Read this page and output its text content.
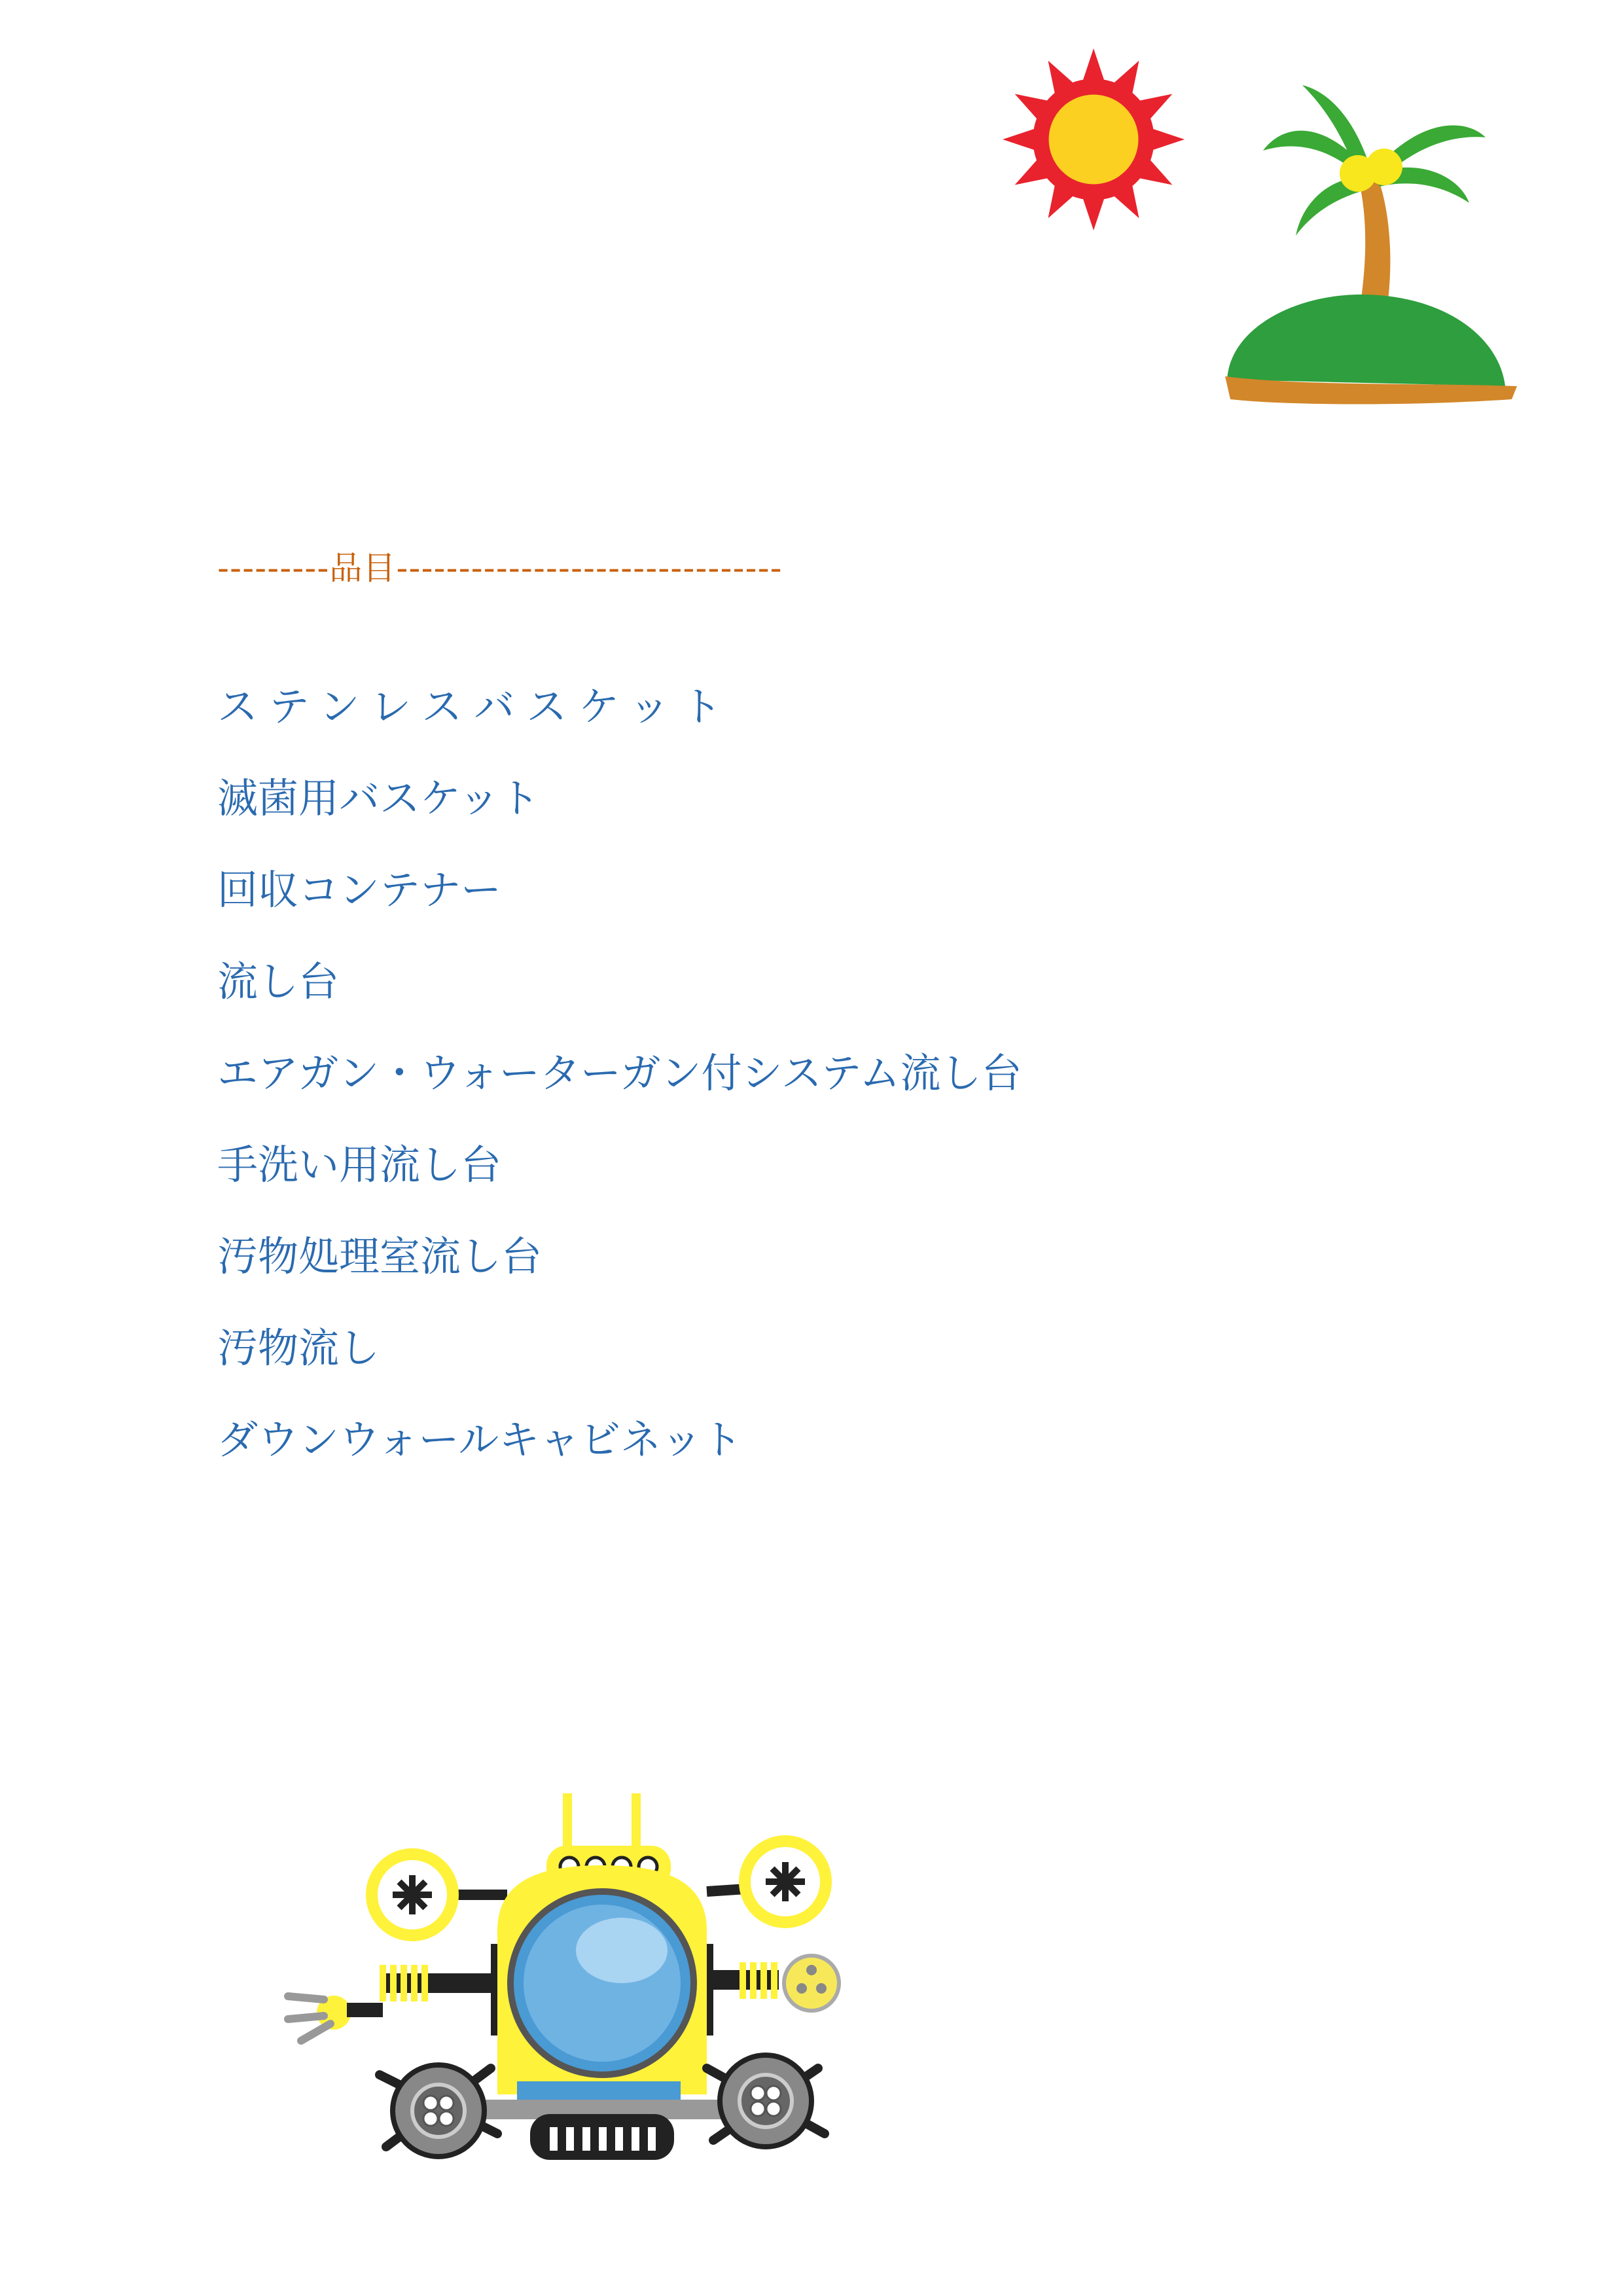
---------品目-------------------------------
ステンレスバスケット
滅菌用バスケット
回収コンテナー
流し台
エアガン・ウォーターガン付システム流し台
手洗い用流し台
汚物処理室流し台
汚物流し
ダウンウォールキャビネット
